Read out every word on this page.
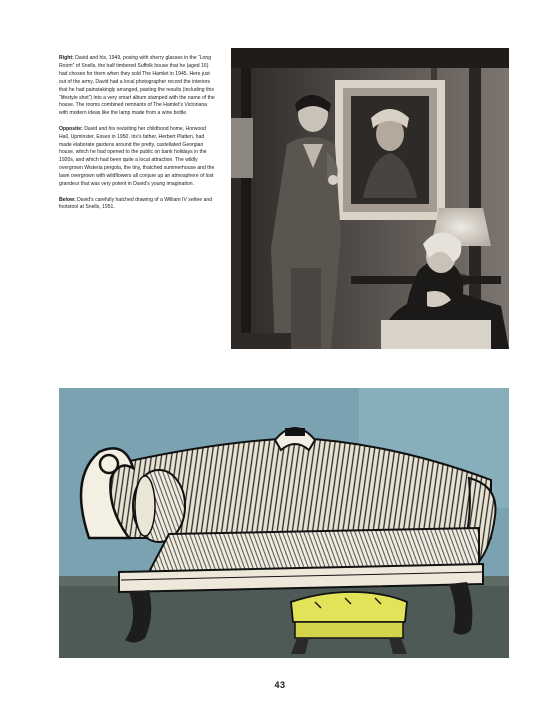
Right: David and his, 1949, posing with sherry glasses in the “Long Room” of Snells, the half timbered Suffolk house that he (aged 16) had chosen for them when they sold The Hamlet in 1945. Here just out of the army, David had a local photographer record the interiors that he had painstakingly arranged, pasting the results (including this “lifestyle shot”) into a very smart album stamped with the name of the house. The rooms combined remnants of The Hamlet’s Victoriana with modern ideas like the lamp made from a wine bottle.

Opposite: David and his revisiting her childhood home, Horwood Hall, Upminster, Essex in 1950. Iris’s father, Herbert Platten, had made elaborate gardens around the pretty, castellated Georgian house, which he had opened to the public on bank holidays in the 1920s, and which had been quite a local attraction. The wildly overgrown Wisteria pergola, the tiny, thatched summerhouse and the lawn overgrown with wildflowers all conjure up an atmosphere of lost grandeur that was very potent in David’s young imagination.

Below: David’s carefully hatched drawing of a William IV settee and footstool at Snells, 1951.

43
